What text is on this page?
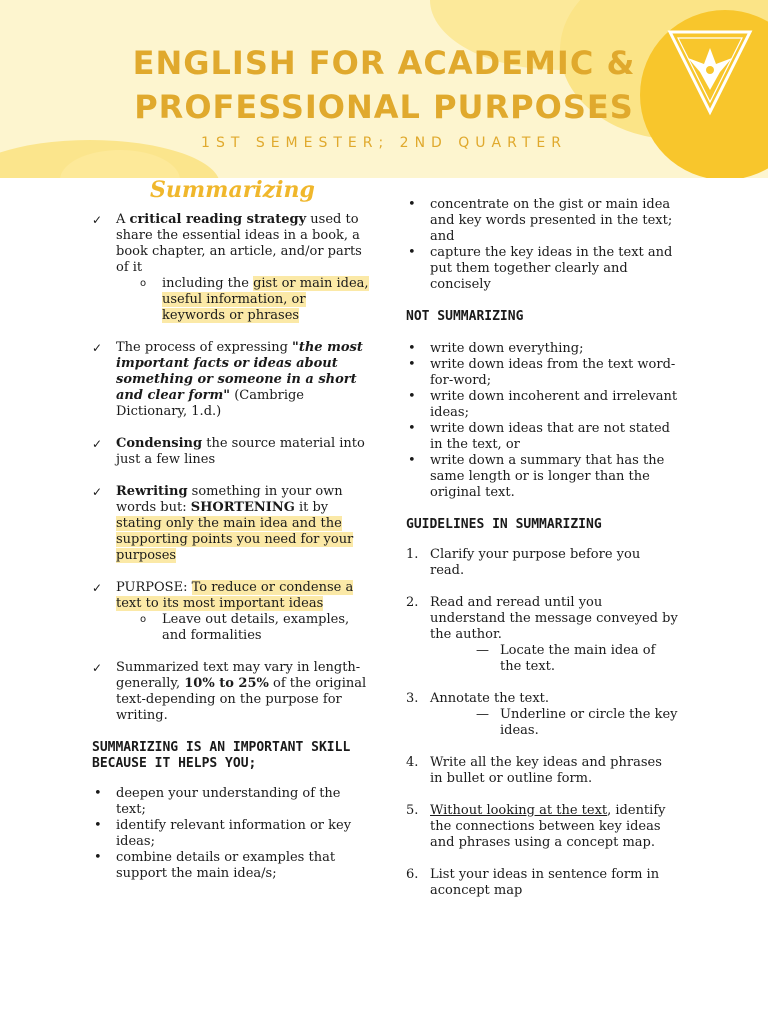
ENGLISH FOR ACADEMIC &
PROFESSIONAL PURPOSES
1ST SEMESTER; 2ND QUARTER
Summarizing

✓ A critical reading strategy used to share the essential ideas in a book, a book chapter, an article, and/or parts of it

o including the gist or main idea, useful information, or keywords or phrases

✓ The process of expressing "the most important facts or ideas about something or someone in a short and clear form" (Cambrige Dictionary, 1.d.)

✓ Condensing the source material into just a few lines

✓ Rewriting something in your own words but: SHORTENING it by stating only the main idea and the supporting points you need for your purposes

✓ PURPOSE: To reduce or condense a text to its most important ideas

o Leave out details, examples, and formalities

✓ Summarized text may vary in length-generally, 10% to 25% of the original text-depending on the purpose for writing.

SUMMARIZING IS AN IMPORTANT SKILL BECAUSE IT HELPS YOU;

• deepen your understanding of the text;

• identify relevant information or key ideas;

• combine details or examples that support the main idea/s;

• concentrate on the gist or main idea and key words presented in the text; and

• capture the key ideas in the text and put them together clearly and concisely

NOT SUMMARIZING

• write down everything;

• write down ideas from the text word- for-word;

• write down incoherent and irrelevant ideas;

• write down ideas that are not stated in the text, or

• write down a summary that has the same length or is longer than the original text.

GUIDELINES IN SUMMARIZING

1. Clarify your purpose before you read.

2. Read and reread until you understand the message conveyed by the author.

— Locate the main idea of the text.

3. Annotate the text.

— Underline or circle the key ideas.

4. Write all the key ideas and phrases in bullet or outline form.

5. Without looking at the text, identify the connections between key ideas and phrases using a concept map.

6. List your ideas in sentence form in aconcept map
